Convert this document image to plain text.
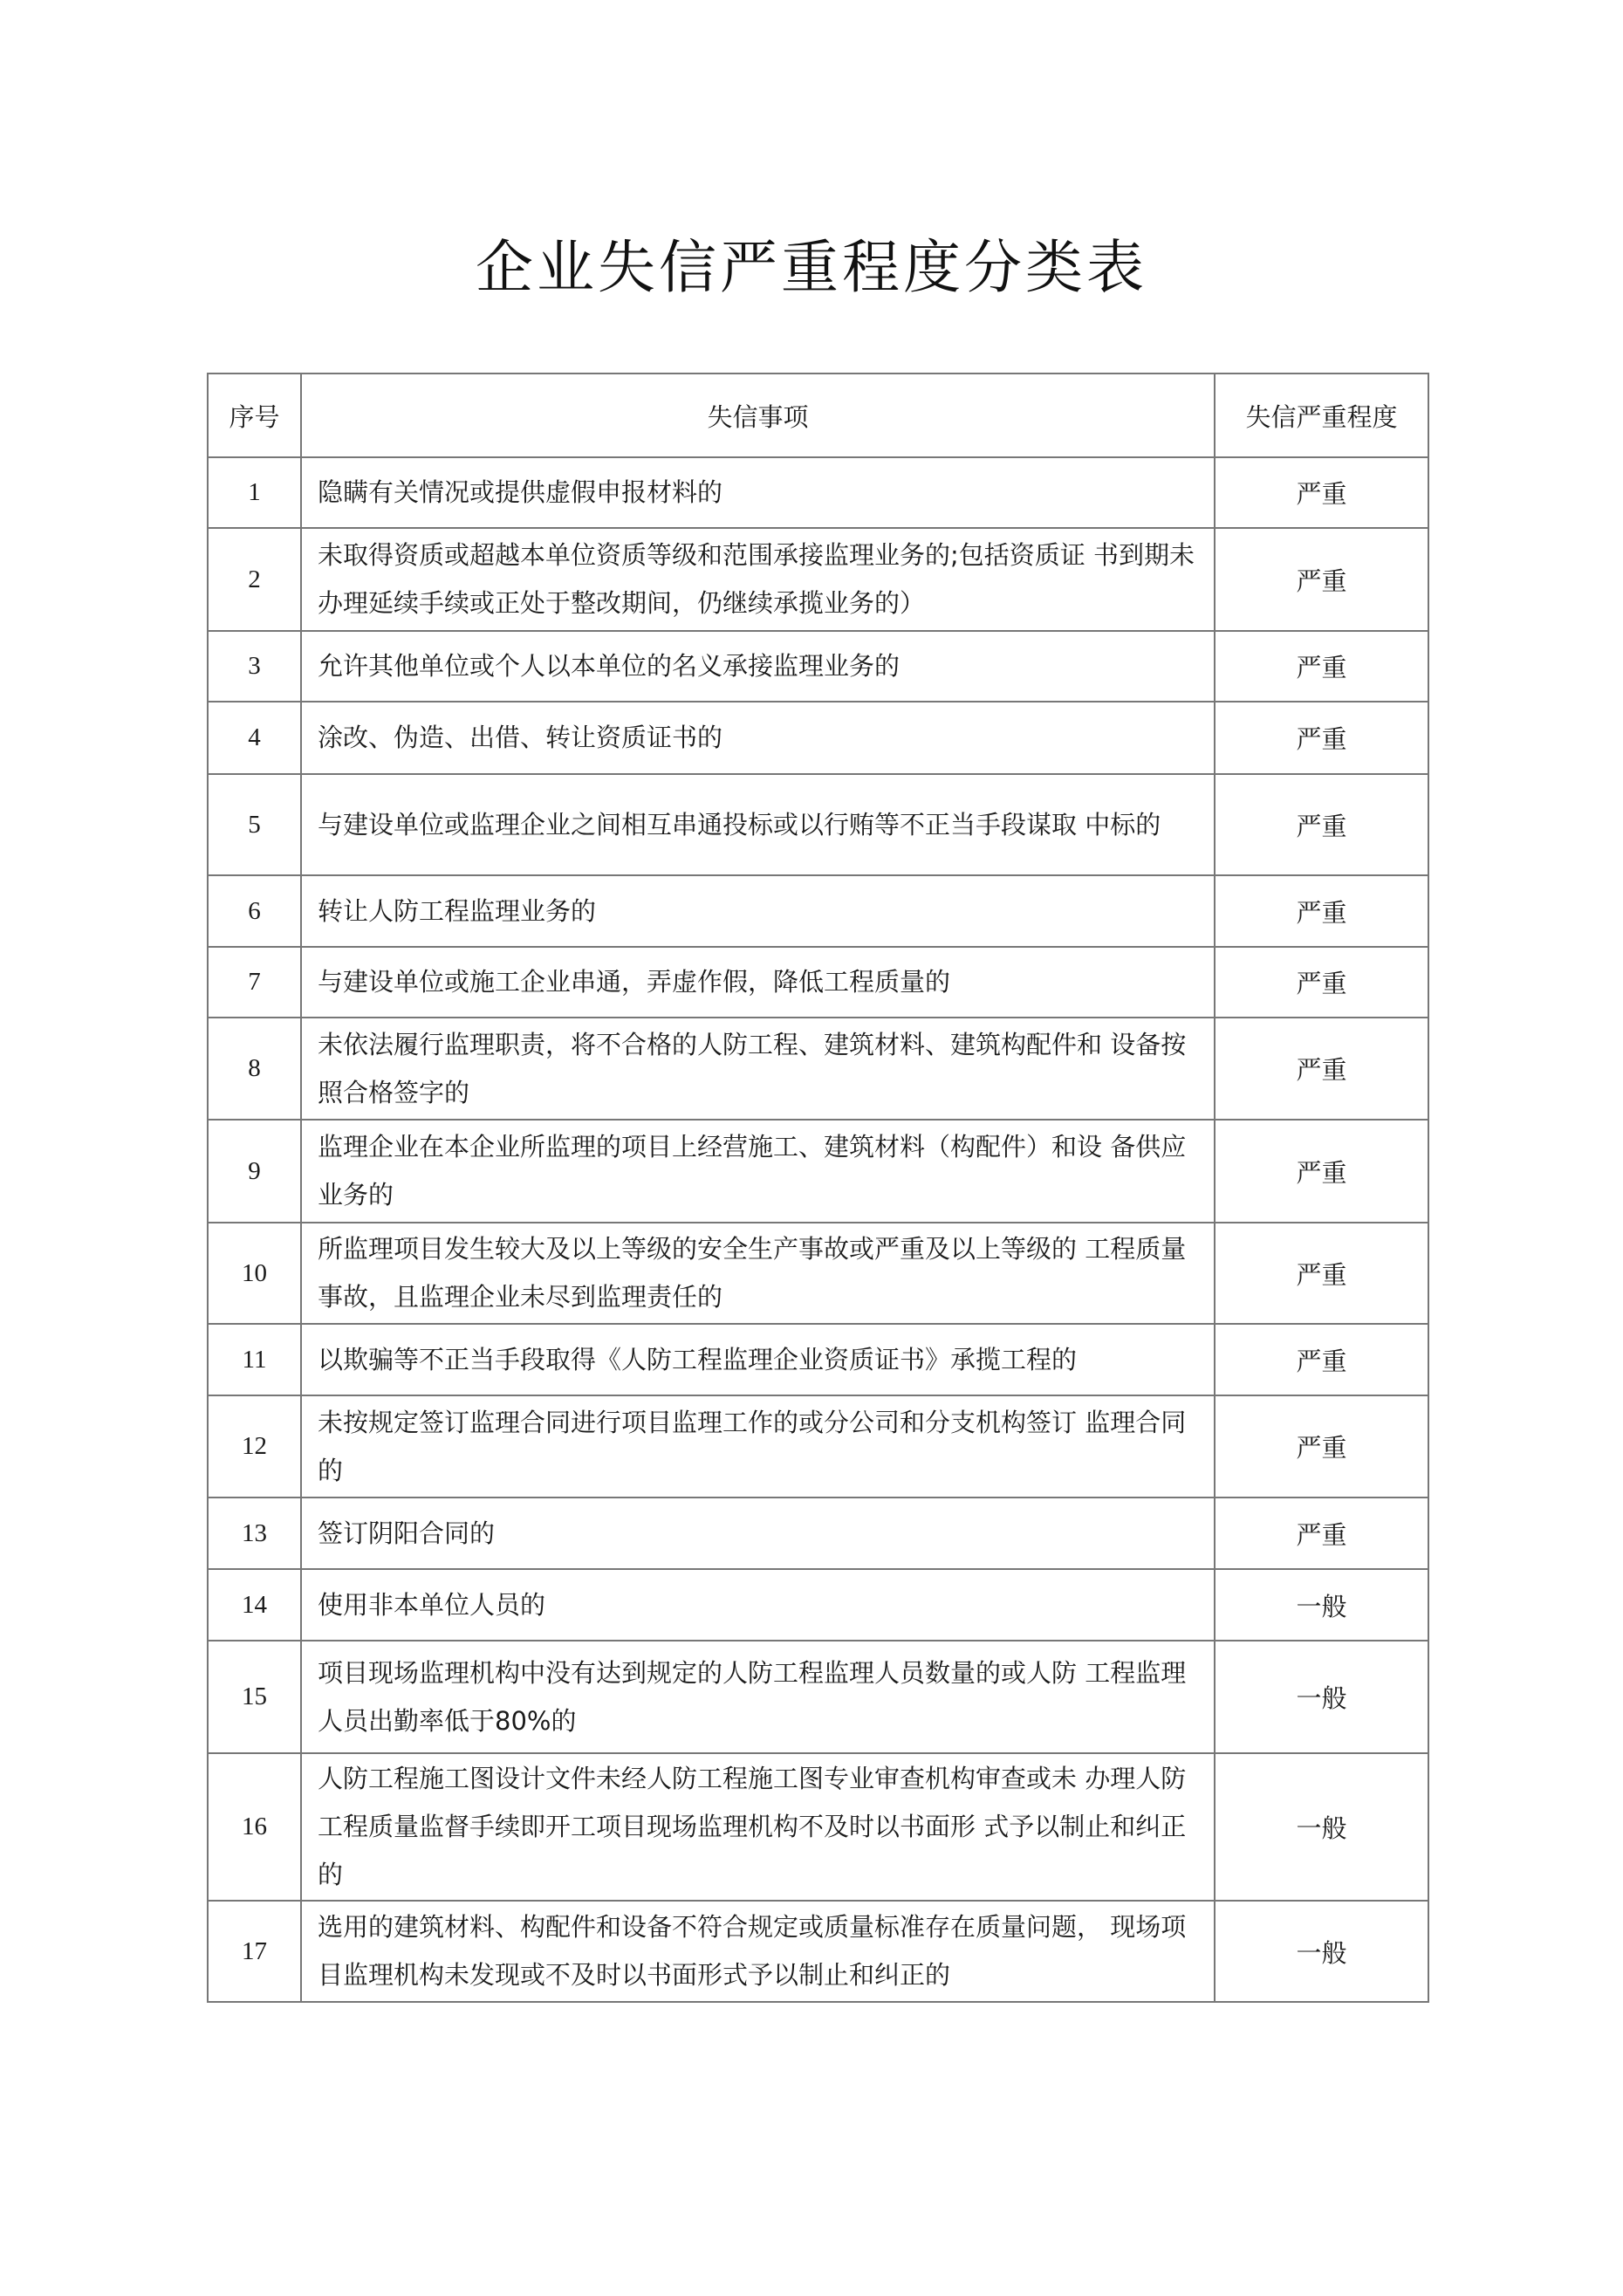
企业失信严重程度分类表
序号	失信事项	失信严重程度
1	隐瞒有关情况或提供虚假申报材料的	严重
2	未取得资质或超越本单位资质等级和范围承接监理业务的;包括资质证 书到期未办理延续手续或正处于整改期间，仍继续承揽业务的）	严重
3	允许其他单位或个人以本单位的名义承接监理业务的	严重
4	涂改、伪造、出借、转让资质证书的	严重
5	与建设单位或监理企业之间相互串通投标或以行贿等不正当手段谋取 中标的	严重
6	转让人防工程监理业务的	严重
7	与建设单位或施工企业串通，弄虚作假，降低工程质量的	严重
8	未依法履行监理职责，将不合格的人防工程、建筑材料、建筑构配件和 设备按照合格签字的	严重
9	监理企业在本企业所监理的项目上经营施工、建筑材料（构配件）和设 备供应业务的	严重
10	所监理项目发生较大及以上等级的安全生产事故或严重及以上等级的 工程质量事故，且监理企业未尽到监理责任的	严重
11	以欺骗等不正当手段取得《人防工程监理企业资质证书》承揽工程的	严重
12	未按规定签订监理合同进行项目监理工作的或分公司和分支机构签订 监理合同的	严重
13	签订阴阳合同的	严重
14	使用非本单位人员的	一般
15	项目现场监理机构中没有达到规定的人防工程监理人员数量的或人防 工程监理人员出勤率低于80%的	一般
16	人防工程施工图设计文件未经人防工程施工图专业审查机构审查或未 办理人防工程质量监督手续即开工项目现场监理机构不及时以书面形 式予以制止和纠正的	一般
17	选用的建筑材料、构配件和设备不符合规定或质量标准存在质量问题， 现场项目监理机构未发现或不及时以书面形式予以制止和纠正的	一般
